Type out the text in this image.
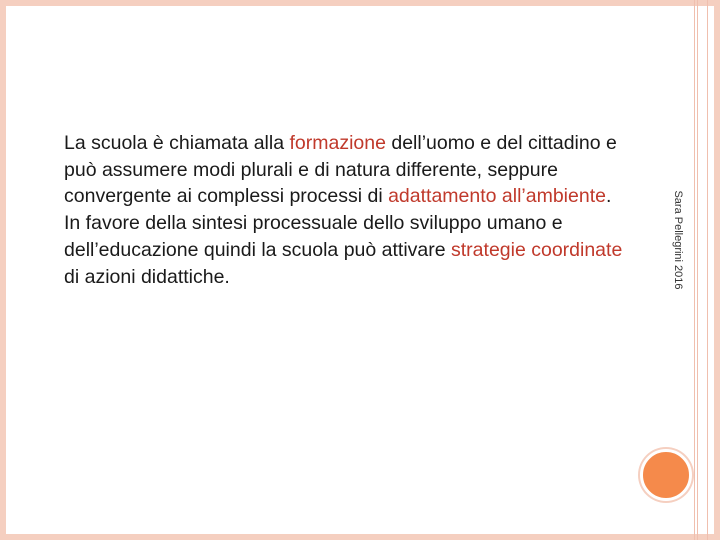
La scuola è chiamata alla formazione dell’uomo e del cittadino e può assumere modi plurali e di natura differente, seppure convergente ai complessi processi di adattamento all’ambiente. In favore della sintesi processuale dello sviluppo umano e dell’educazione quindi la scuola può attivare strategie coordinate di azioni didattiche.	Sara Pellegrini 2016
